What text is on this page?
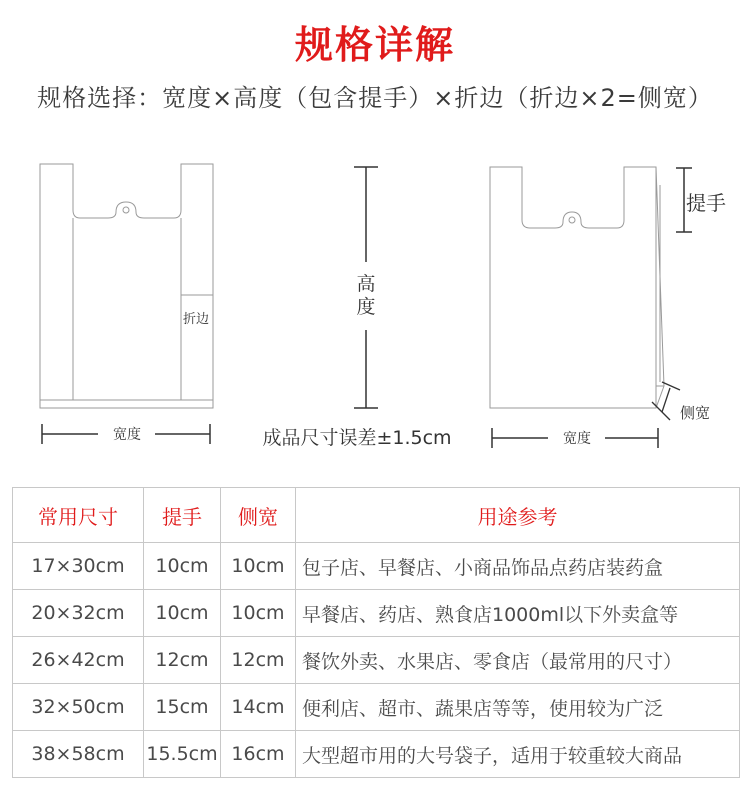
规格详解
规格选择：宽度×高度（包含提手）×折边（折边×2=侧宽）
折边
宽度
高
度
成品尺寸误差±1.5cm
提手
侧宽
宽度
常用尺寸	提手	侧宽	用途参考
17×30cm	10cm	10cm	包子店、早餐店、小商品饰品点药店装药盒
20×32cm	10cm	10cm	早餐店、药店、熟食店1000ml以下外卖盒等
26×42cm	12cm	12cm	餐饮外卖、水果店、零食店（最常用的尺寸）
32×50cm	15cm	14cm	便利店、超市、蔬果店等等，使用较为广泛
38×58cm	15.5cm	16cm	大型超市用的大号袋子，适用于较重较大商品
